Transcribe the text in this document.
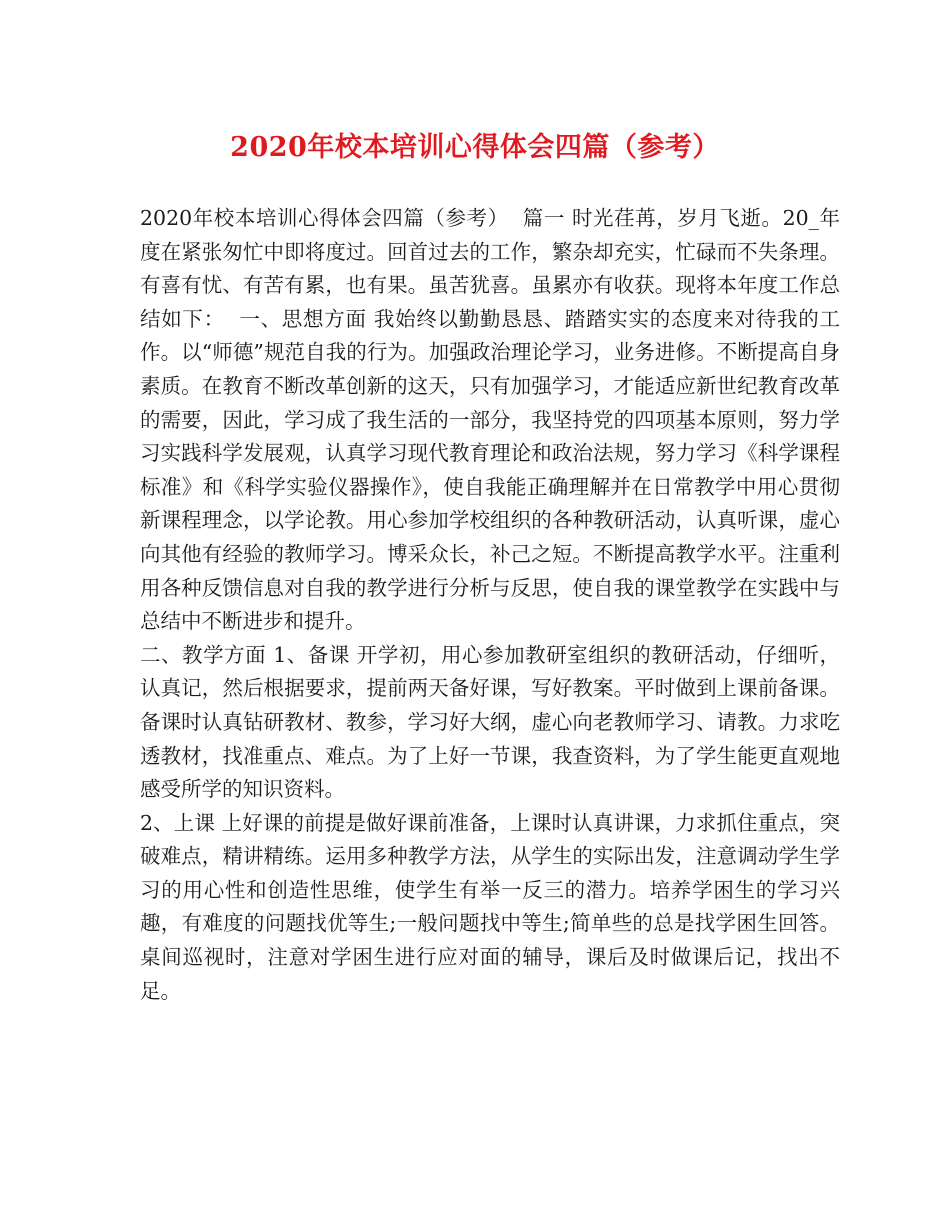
2020年校本培训心得体会四篇（参考）

2020年校本培训心得体会四篇（参考）  篇一 时光荏苒，岁月飞逝。20_年度在紧张匆忙中即将度过。回首过去的工作，繁杂却充实，忙碌而不失条理。有喜有忧、有苦有累，也有果。虽苦犹喜。虽累亦有收获。现将本年度工作总结如下：  一、思想方面 我始终以勤勤恳恳、踏踏实实的态度来对待我的工作。以“师德”规范自我的行为。加强政治理论学习，业务进修。不断提高自身素质。在教育不断改革创新的这天，只有加强学习，才能适应新世纪教育改革的需要，因此，学习成了我生活的一部分，我坚持党的四项基本原则，努力学习实践科学发展观，认真学习现代教育理论和政治法规，努力学习《科学课程标准》和《科学实验仪器操作》，使自我能正确理解并在日常教学中用心贯彻新课程理念，以学论教。用心参加学校组织的各种教研活动，认真听课，虚心向其他有经验的教师学习。博采众长，补己之短。不断提高教学水平。注重利用各种反馈信息对自我的教学进行分析与反思，使自我的课堂教学在实践中与总结中不断进步和提升。

二、教学方面 1、备课 开学初，用心参加教研室组织的教研活动，仔细听，认真记，然后根据要求，提前两天备好课，写好教案。平时做到上课前备课。备课时认真钻研教材、教参，学习好大纲，虚心向老教师学习、请教。力求吃透教材，找准重点、难点。为了上好一节课，我查资料，为了学生能更直观地感受所学的知识资料。

2、上课 上好课的前提是做好课前准备，上课时认真讲课，力求抓住重点，突破难点，精讲精练。运用多种教学方法，从学生的实际出发，注意调动学生学习的用心性和创造性思维，使学生有举一反三的潜力。培养学困生的学习兴趣，有难度的问题找优等生;一般问题找中等生;简单些的总是找学困生回答。桌间巡视时，注意对学困生进行应对面的辅导，课后及时做课后记，找出不足。
